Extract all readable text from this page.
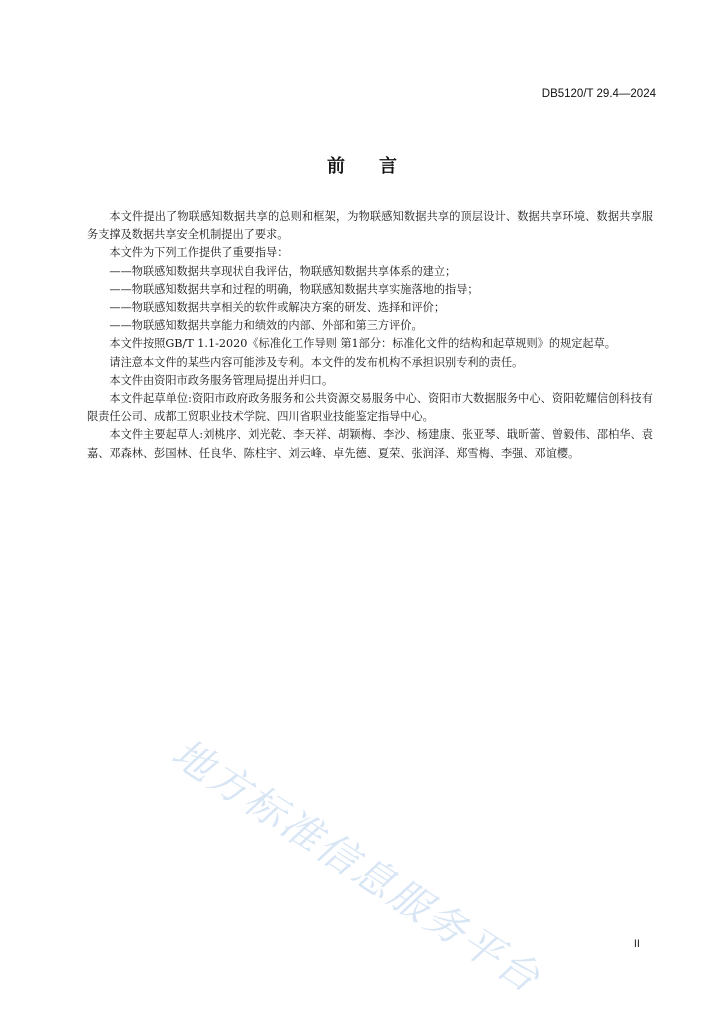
DB5120/T 29.4—2024
前言

本文件提出了物联感知数据共享的总则和框架，为物联感知数据共享的顶层设计、数据共享环境、数据共享服务支撑及数据共享安全机制提出了要求。

本文件为下列工作提供了重要指导：

——物联感知数据共享现状自我评估，物联感知数据共享体系的建立；

——物联感知数据共享和过程的明确，物联感知数据共享实施落地的指导；

——物联感知数据共享相关的软件或解决方案的研发、选择和评价；

——物联感知数据共享能力和绩效的内部、外部和第三方评价。

本文件按照GB/T 1.1-2020《标准化工作导则 第1部分：标准化文件的结构和起草规则》的规定起草。

请注意本文件的某些内容可能涉及专利。本文件的发布机构不承担识别专利的责任。

本文件由资阳市政务服务管理局提出并归口。

本文件起草单位:资阳市政府政务服务和公共资源交易服务中心、资阳市大数据服务中心、资阳乾耀信创科技有限责任公司、成都工贸职业技术学院、四川省职业技能鉴定指导中心。

本文件主要起草人:刘桃序、刘光乾、李天祥、胡颖梅、李沙、杨建康、张亚琴、戢昕蕾、曾毅伟、邵柏华、袁嘉、邓森林、彭国林、任良华、陈柱宇、刘云峰、卓先德、夏荣、张润泽、郑雪梅、李强、邓谊樱。

地方标准信息服务平台	II
